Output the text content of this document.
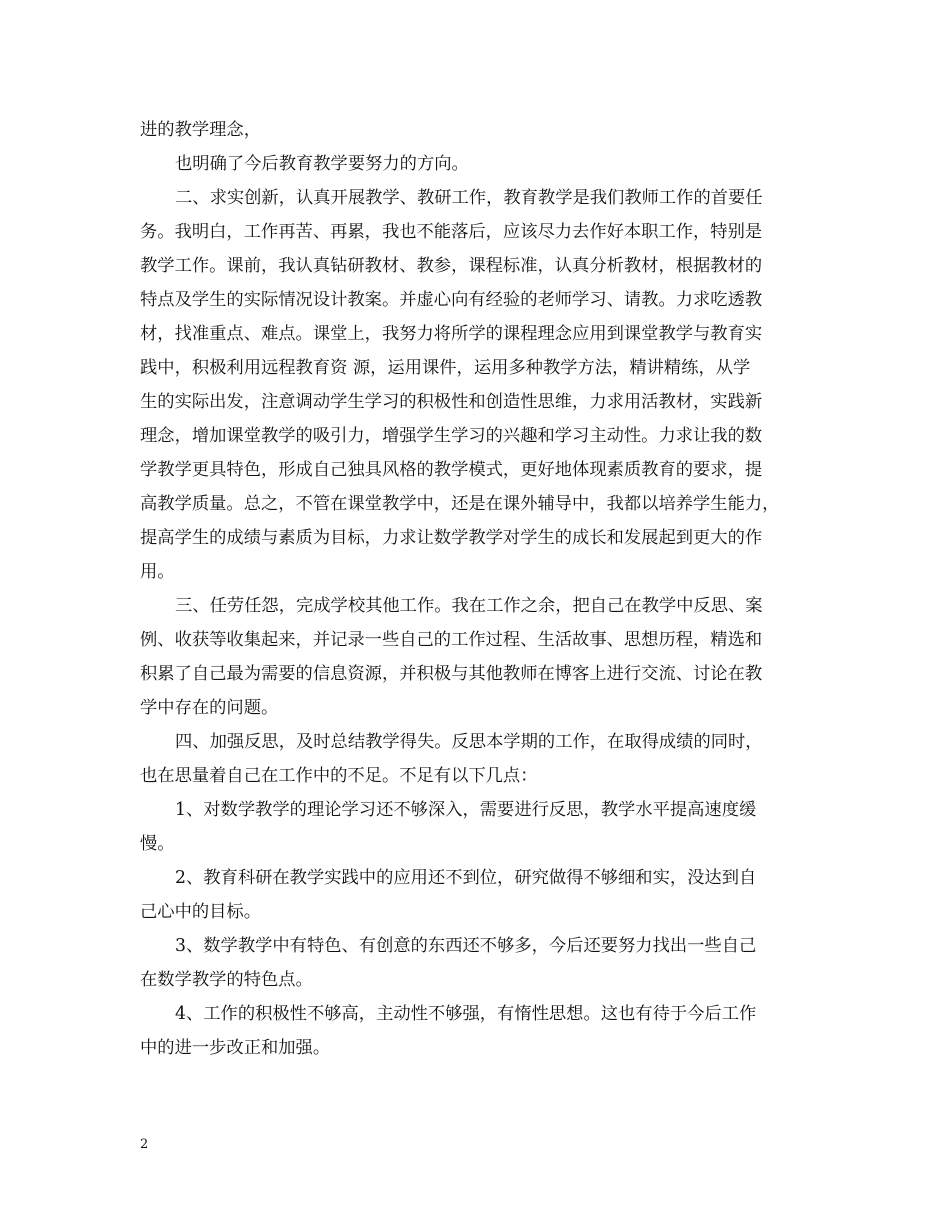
进的教学理念，
也明确了今后教育教学要努力的方向。
二、求实创新，认真开展教学、教研工作，教育教学是我们教师工作的首要任
务。我明白，工作再苦、再累，我也不能落后，应该尽力去作好本职工作，特别是
教学工作。课前，我认真钻研教材、教参，课程标准，认真分析教材，根据教材的
特点及学生的实际情况设计教案。并虚心向有经验的老师学习、请教。力求吃透教
材，找准重点、难点。课堂上，我努力将所学的课程理念应用到课堂教学与教育实
践中，积极利用远程教育资 源，运用课件，运用多种教学方法，精讲精练，从学
生的实际出发，注意调动学生学习的积极性和创造性思维，力求用活教材，实践新
理念，增加课堂教学的吸引力，增强学生学习的兴趣和学习主动性。力求让我的数
学教学更具特色，形成自己独具风格的教学模式，更好地体现素质教育的要求，提
高教学质量。总之，不管在课堂教学中，还是在课外辅导中，我都以培养学生能力，
提高学生的成绩与素质为目标，力求让数学教学对学生的成长和发展起到更大的作
用。
三、任劳任怨，完成学校其他工作。我在工作之余，把自己在教学中反思、案
例、收获等收集起来，并记录一些自己的工作过程、生活故事、思想历程，精选和
积累了自己最为需要的信息资源，并积极与其他教师在博客上进行交流、讨论在教
学中存在的问题。
四、加强反思，及时总结教学得失。反思本学期的工作，在取得成绩的同时，
也在思量着自己在工作中的不足。不足有以下几点：
1、对数学教学的理论学习还不够深入，需要进行反思，教学水平提高速度缓
慢。
2、教育科研在教学实践中的应用还不到位，研究做得不够细和实，没达到自
己心中的目标。
3、数学教学中有特色、有创意的东西还不够多，今后还要努力找出一些自己
在数学教学的特色点。
4、工作的积极性不够高，主动性不够强，有惰性思想。这也有待于今后工作
中的进一步改正和加强。
2
